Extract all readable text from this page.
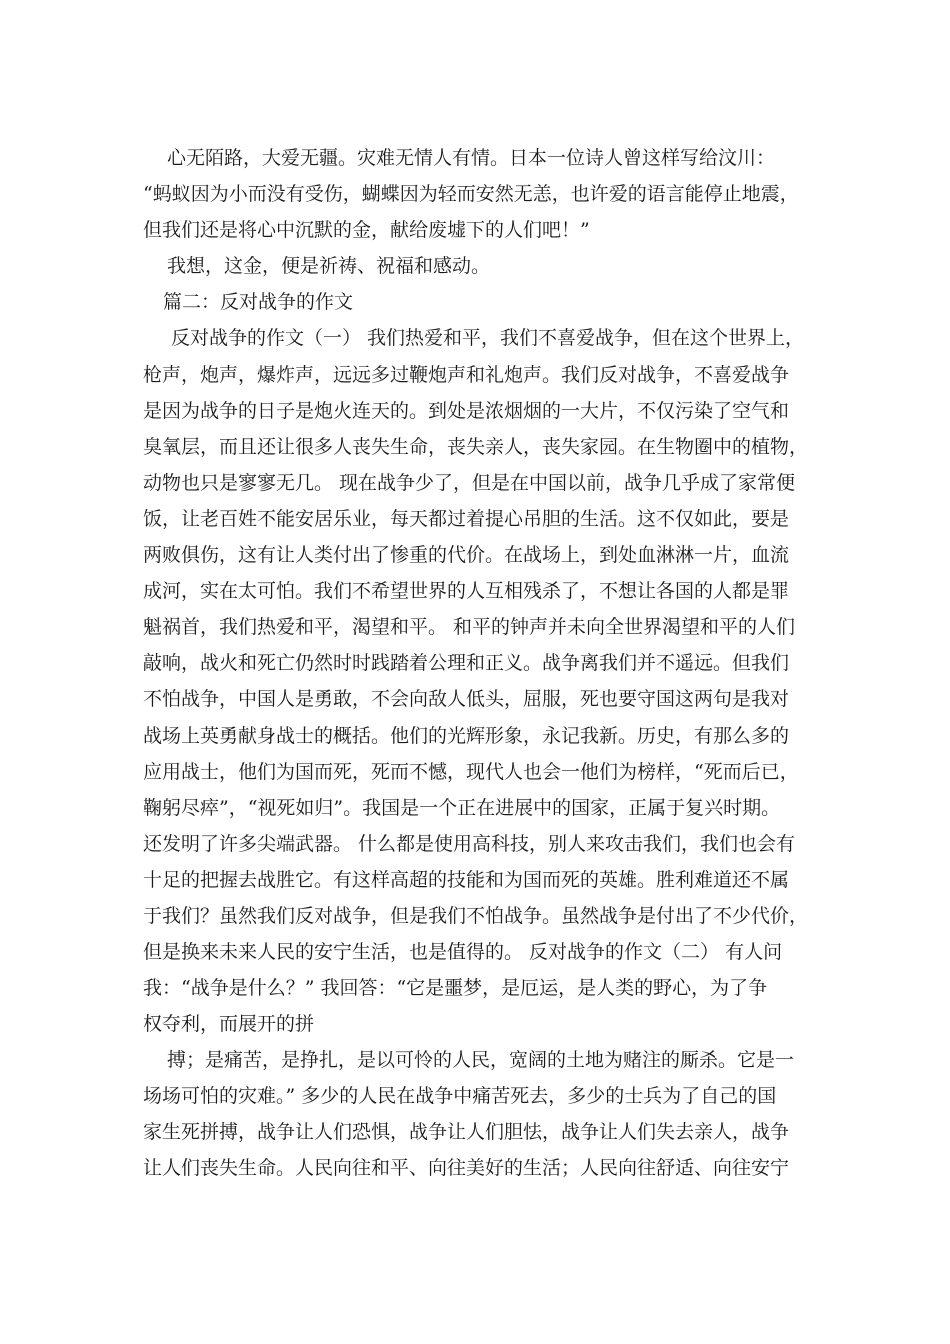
心无陌路，大爱无疆。灾难无情人有情。日本一位诗人曾这样写给汶川：
“蚂蚁因为小而没有受伤，蝴蝶因为轻而安然无恙，也许爱的语言能停止地震，
但我们还是将心中沉默的金，献给废墟下的人们吧！”
我想，这金，便是祈祷、祝福和感动。
篇二：反对战争的作文
反对战争的作文（一） 我们热爱和平，我们不喜爱战争，但在这个世界上，
枪声，炮声，爆炸声，远远多过鞭炮声和礼炮声。我们反对战争，不喜爱战争
是因为战争的日子是炮火连天的。到处是浓烟烟的一大片，不仅污染了空气和
臭氧层，而且还让很多人丧失生命，丧失亲人，丧失家园。在生物圈中的植物，
动物也只是寥寥无几。 现在战争少了，但是在中国以前，战争几乎成了家常便
饭，让老百姓不能安居乐业，每天都过着提心吊胆的生活。这不仅如此，要是
两败俱伤，这有让人类付出了惨重的代价。在战场上，到处血淋淋一片，血流
成河，实在太可怕。我们不希望世界的人互相残杀了，不想让各国的人都是罪
魁祸首，我们热爱和平，渴望和平。 和平的钟声并未向全世界渴望和平的人们
敲响，战火和死亡仍然时时践踏着公理和正义。战争离我们并不遥远。但我们
不怕战争，中国人是勇敢，不会向敌人低头，屈服，死也要守国这两句是我对
战场上英勇献身战士的概括。他们的光辉形象，永记我新。历史，有那么多的
应用战士，他们为国而死，死而不憾，现代人也会一他们为榜样，“死而后已，
鞠躬尽瘁”，“视死如归”。我国是一个正在进展中的国家，正属于复兴时期。
还发明了许多尖端武器。 什么都是使用高科技，别人来攻击我们，我们也会有
十足的把握去战胜它。有这样高超的技能和为国而死的英雄。胜利难道还不属
于我们？虽然我们反对战争，但是我们不怕战争。虽然战争是付出了不少代价，
但是换来未来人民的安宁生活，也是值得的。 反对战争的作文（二） 有人问
我：“战争是什么？” 我回答：“它是噩梦，是厄运，是人类的野心，为了争
权夺利，而展开的拼
搏；是痛苦，是挣扎，是以可怜的人民，宽阔的土地为赌注的厮杀。它是一
场场可怕的灾难。” 多少的人民在战争中痛苦死去，多少的士兵为了自己的国
家生死拼搏，战争让人们恐惧，战争让人们胆怯，战争让人们失去亲人，战争
让人们丧失生命。人民向往和平、向往美好的生活；人民向往舒适、向往安宁
